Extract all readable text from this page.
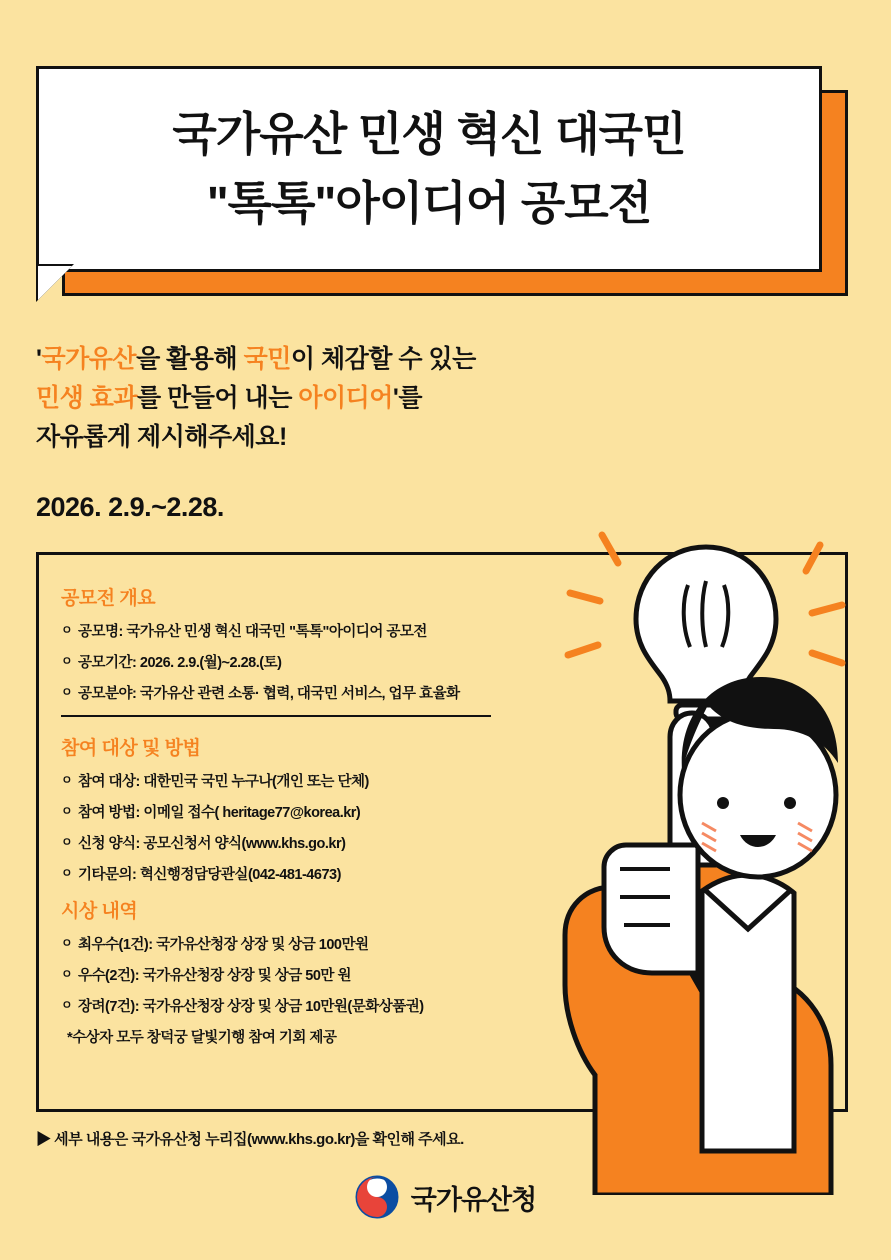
국가유산 민생 혁신 대국민
"톡톡"아이디어 공모전
'국가유산을 활용해 국민이 체감할 수 있는
민생 효과를 만들어 내는 아이디어'를
자유롭게 제시해주세요!
2026. 2.9.~2.28.
공모전 개요
ㅇ 공모명: 국가유산 민생 혁신 대국민 "톡톡"아이디어 공모전
ㅇ 공모기간: 2026. 2.9.(월)~2.28.(토)
ㅇ 공모분야: 국가유산 관련 소통· 협력, 대국민 서비스, 업무 효율화
참여 대상 및 방법
ㅇ 참여 대상: 대한민국 국민 누구나(개인 또는 단체)
ㅇ 참여 방법: 이메일 접수( heritage77@korea.kr)
ㅇ 신청 양식: 공모신청서 양식(www.khs.go.kr)
ㅇ 기타문의: 혁신행정담당관실(042-481-4673)
시상 내역
ㅇ 최우수(1건): 국가유산청장 상장 및 상금 100만원
ㅇ 우수(2건): 국가유산청장 상장 및 상금 50만 원
ㅇ 장려(7건): 국가유산청장 상장 및 상금 10만원(문화상품권)
*수상자 모두 창덕궁 달빛기행 참여 기회 제공
▶ 세부 내용은 국가유산청 누리집(www.khs.go.kr)을 확인해 주세요.
국가유산청
